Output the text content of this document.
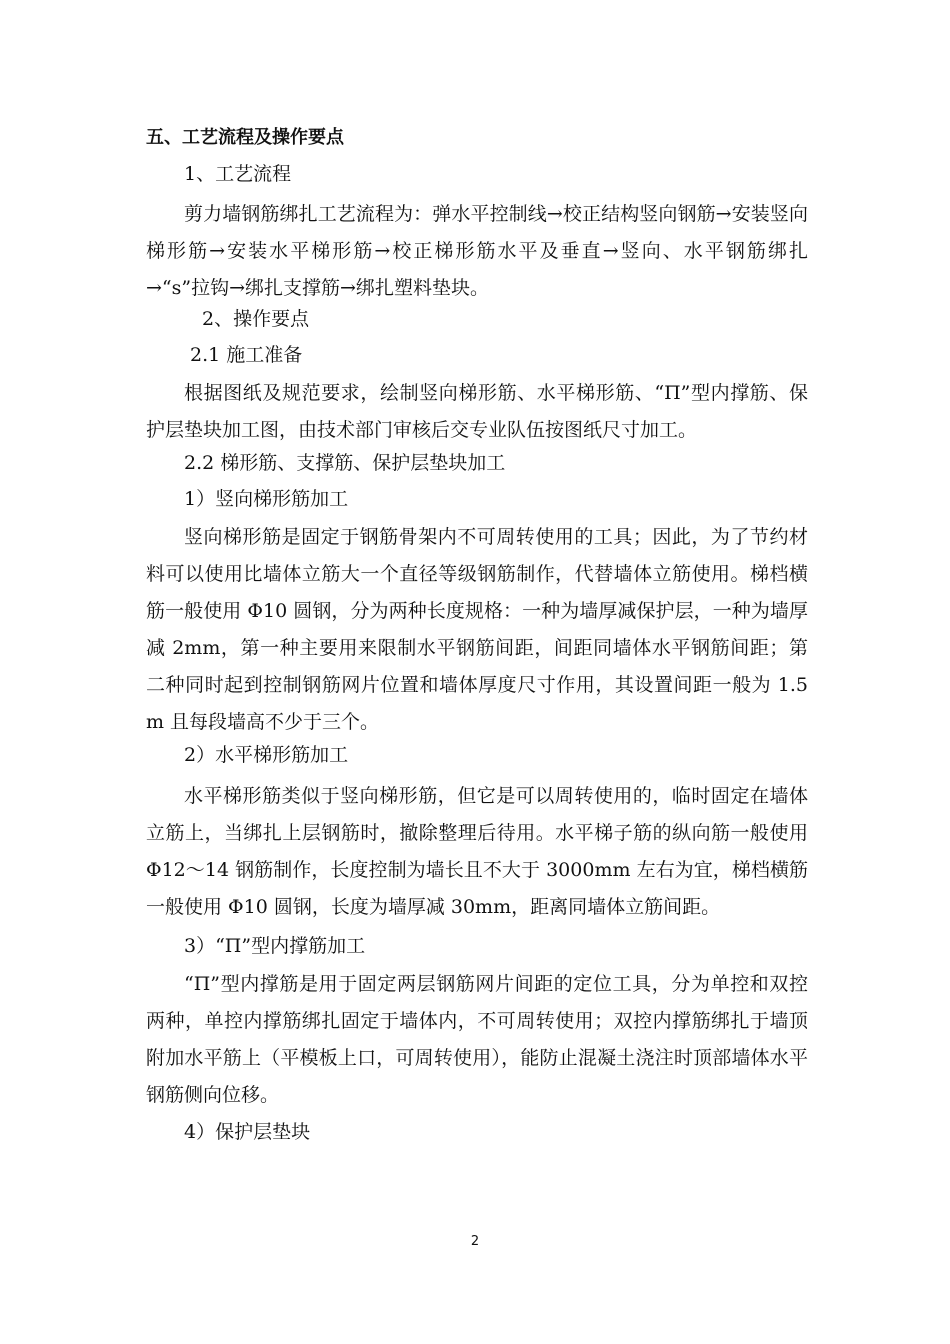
五、工艺流程及操作要点
1、工艺流程

剪力墙钢筋绑扎工艺流程为：弹水平控制线→校正结构竖向钢筋→安装竖向梯形筋→安装水平梯形筋→校正梯形筋水平及垂直→竖向、水平钢筋绑扎→“s”拉钩→绑扎支撑筋→绑扎塑料垫块。

2、操作要点
2.1 施工准备

根据图纸及规范要求，绘制竖向梯形筋、水平梯形筋、“Π”型内撑筋、保护层垫块加工图，由技术部门审核后交专业队伍按图纸尺寸加工。

2.2 梯形筋、支撑筋、保护层垫块加工
1）竖向梯形筋加工

竖向梯形筋是固定于钢筋骨架内不可周转使用的工具；因此，为了节约材料可以使用比墙体立筋大一个直径等级钢筋制作，代替墙体立筋使用。梯档横筋一般使用 Φ10 圆钢，分为两种长度规格：一种为墙厚减保护层，一种为墙厚减 2mm，第一种主要用来限制水平钢筋间距，间距同墙体水平钢筋间距；第二种同时起到控制钢筋网片位置和墙体厚度尺寸作用，其设置间距一般为 1.5m 且每段墙高不少于三个。

2）水平梯形筋加工

水平梯形筋类似于竖向梯形筋，但它是可以周转使用的，临时固定在墙体立筋上，当绑扎上层钢筋时，撤除整理后待用。水平梯子筋的纵向筋一般使用 Φ12～14 钢筋制作，长度控制为墙长且不大于 3000mm 左右为宜，梯档横筋一般使用 Φ10 圆钢，长度为墙厚减 30mm，距离同墙体立筋间距。

3）“Π”型内撑筋加工

“Π”型内撑筋是用于固定两层钢筋网片间距的定位工具，分为单控和双控两种，单控内撑筋绑扎固定于墙体内，不可周转使用；双控内撑筋绑扎于墙顶附加水平筋上（平模板上口，可周转使用），能防止混凝土浇注时顶部墙体水平钢筋侧向位移。

4）保护层垫块
2
